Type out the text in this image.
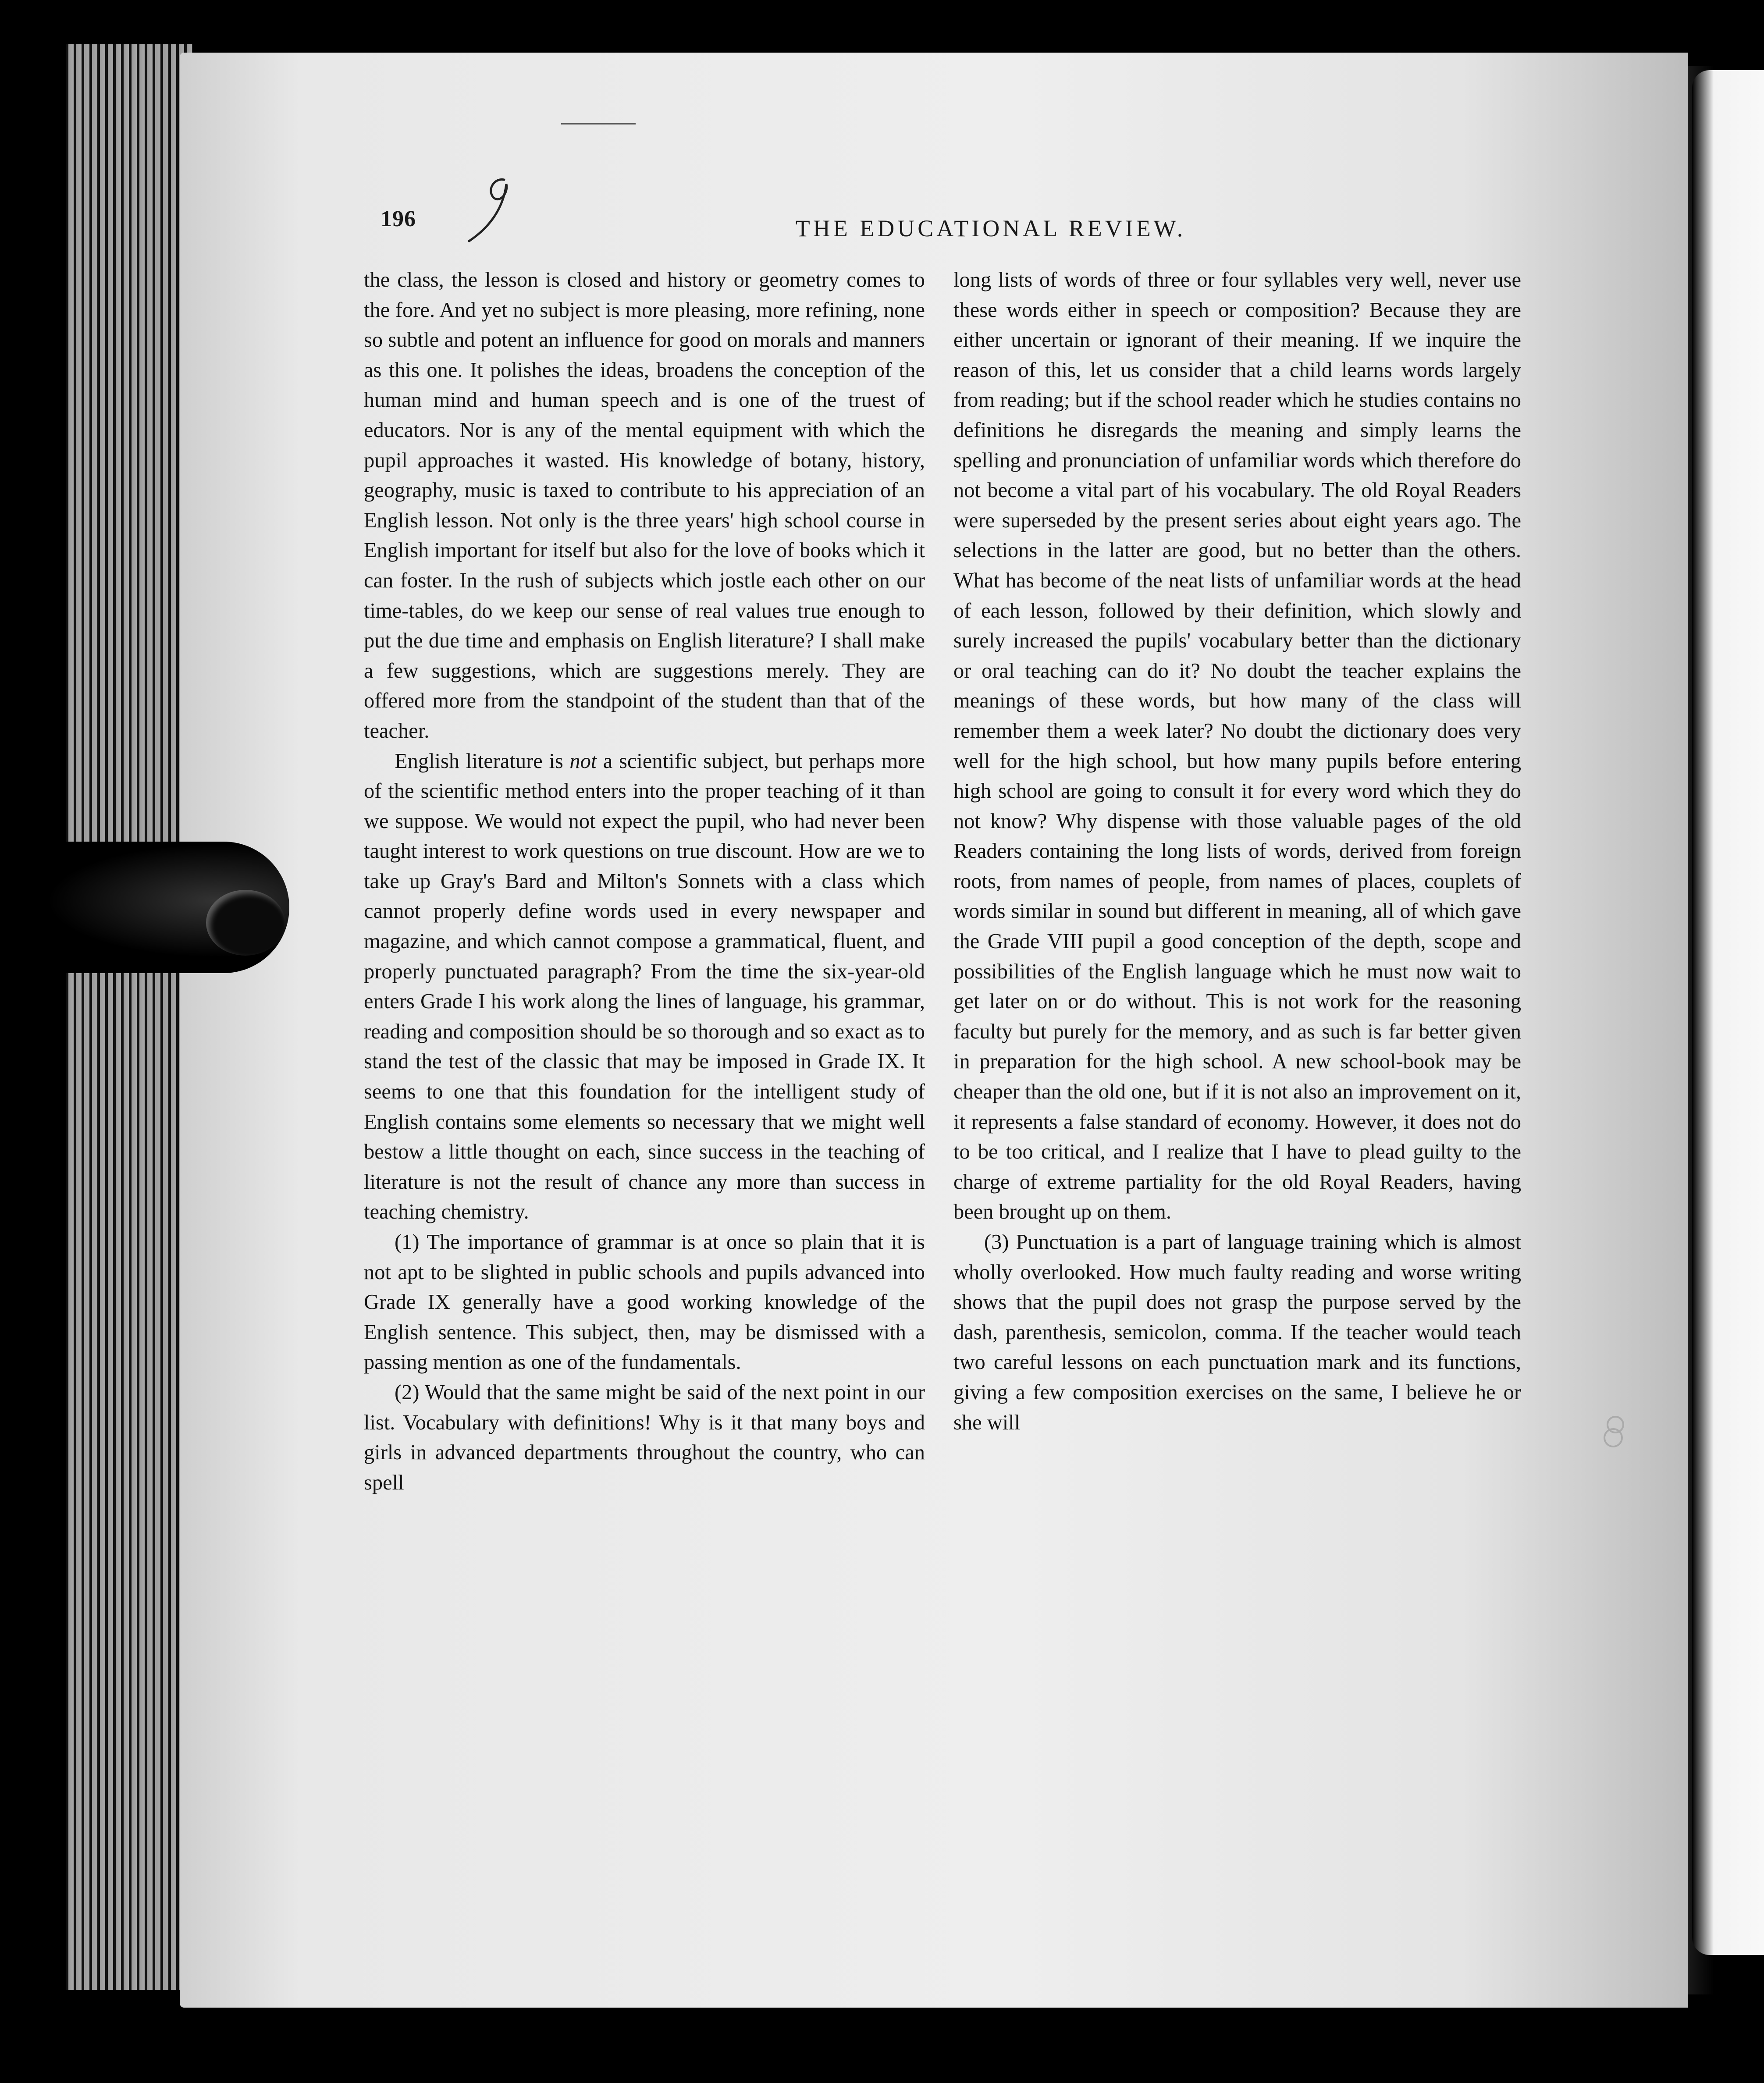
196	THE EDUCATIONAL REVIEW.

the class, the lesson is closed and history or geometry comes to the fore. And yet no subject is more pleasing, more refining, none so subtle and potent an influence for good on morals and manners as this one. It polishes the ideas, broadens the conception of the human mind and human speech and is one of the truest of educators. Nor is any of the mental equipment with which the pupil approaches it wasted. His knowledge of botany, history, geography, music is taxed to contribute to his appreciation of an English lesson. Not only is the three years' high school course in English important for itself but also for the love of books which it can foster. In the rush of subjects which jostle each other on our time-tables, do we keep our sense of real values true enough to put the due time and emphasis on English literature? I shall make a few suggestions, which are suggestions merely. They are offered more from the standpoint of the student than that of the teacher.

English literature is not a scientific subject, but perhaps more of the scientific method enters into the proper teaching of it than we suppose. We would not expect the pupil, who had never been taught interest to work questions on true discount. How are we to take up Gray's Bard and Milton's Sonnets with a class which cannot properly define words used in every newspaper and magazine, and which cannot compose a grammatical, fluent, and properly punctuated paragraph? From the time the six-year-old enters Grade I his work along the lines of language, his grammar, reading and composition should be so thorough and so exact as to stand the test of the classic that may be imposed in Grade IX. It seems to one that this foundation for the intelligent study of English contains some elements so necessary that we might well bestow a little thought on each, since success in the teaching of literature is not the result of chance any more than success in teaching chemistry.

(1) The importance of grammar is at once so plain that it is not apt to be slighted in public schools and pupils advanced into Grade IX generally have a good working knowledge of the English sentence. This subject, then, may be dismissed with a passing mention as one of the fundamentals.

(2) Would that the same might be said of the next point in our list. Vocabulary with definitions! Why is it that many boys and girls in advanced departments throughout the country, who can spell

long lists of words of three or four syllables very well, never use these words either in speech or composition? Because they are either uncertain or ignorant of their meaning. If we inquire the reason of this, let us consider that a child learns words largely from reading; but if the school reader which he studies contains no definitions he disregards the meaning and simply learns the spelling and pronunciation of unfamiliar words which therefore do not become a vital part of his vocabulary. The old Royal Readers were superseded by the present series about eight years ago. The selections in the latter are good, but no better than the others. What has become of the neat lists of unfamiliar words at the head of each lesson, followed by their definition, which slowly and surely increased the pupils' vocabulary better than the dictionary or oral teaching can do it? No doubt the teacher explains the meanings of these words, but how many of the class will remember them a week later? No doubt the dictionary does very well for the high school, but how many pupils before entering high school are going to consult it for every word which they do not know? Why dispense with those valuable pages of the old Readers containing the long lists of words, derived from foreign roots, from names of people, from names of places, couplets of words similar in sound but different in meaning, all of which gave the Grade VIII pupil a good conception of the depth, scope and possibilities of the English language which he must now wait to get later on or do without. This is not work for the reasoning faculty but purely for the memory, and as such is far better given in preparation for the high school. A new school-book may be cheaper than the old one, but if it is not also an improvement on it, it represents a false standard of economy. However, it does not do to be too critical, and I realize that I have to plead guilty to the charge of extreme partiality for the old Royal Readers, having been brought up on them.

(3) Punctuation is a part of language training which is almost wholly overlooked. How much faulty reading and worse writing shows that the pupil does not grasp the purpose served by the dash, parenthesis, semicolon, comma. If the teacher would teach two careful lessons on each punctuation mark and its functions, giving a few composition exercises on the same, I believe he or she will
